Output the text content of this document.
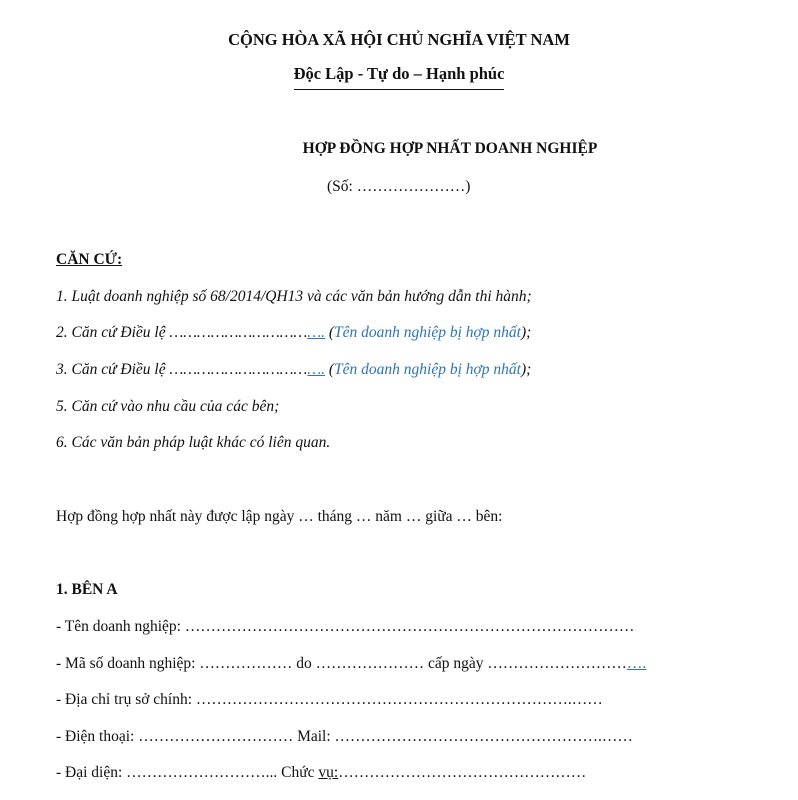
CỘNG HÒA XÃ HỘI CHỦ NGHĨA VIỆT NAM
Độc Lập - Tự do – Hạnh phúc
HỢP ĐỒNG HỢP NHẤT DOANH NGHIỆP
(Số: …………………)
CĂN CỨ:
1. Luật doanh nghiệp số 68/2014/QH13 và các văn bản hướng dẫn thi hành;
2. Căn cứ Điều lệ ……………………………. (Tên doanh nghiệp bị hợp nhất);
3. Căn cứ Điều lệ ……………………………. (Tên doanh nghiệp bị hợp nhất);
5. Căn cứ vào nhu cầu của các bên;
6. Các văn bản pháp luật khác có liên quan.
Hợp đồng hợp nhất này được lập ngày … tháng … năm … giữa … bên:
1. BÊN A
- Tên doanh nghiệp: ……………………………………………………………………………
- Mã số doanh nghiệp: ……………… do ………………… cấp ngày ………………………….
- Địa chỉ trụ sở chính: ……………………………………………………………….……
- Điện thoại: ………………………… Mail: …………………………………………….……
- Đại diện: ………………………... Chức vụ:…………………………………………
